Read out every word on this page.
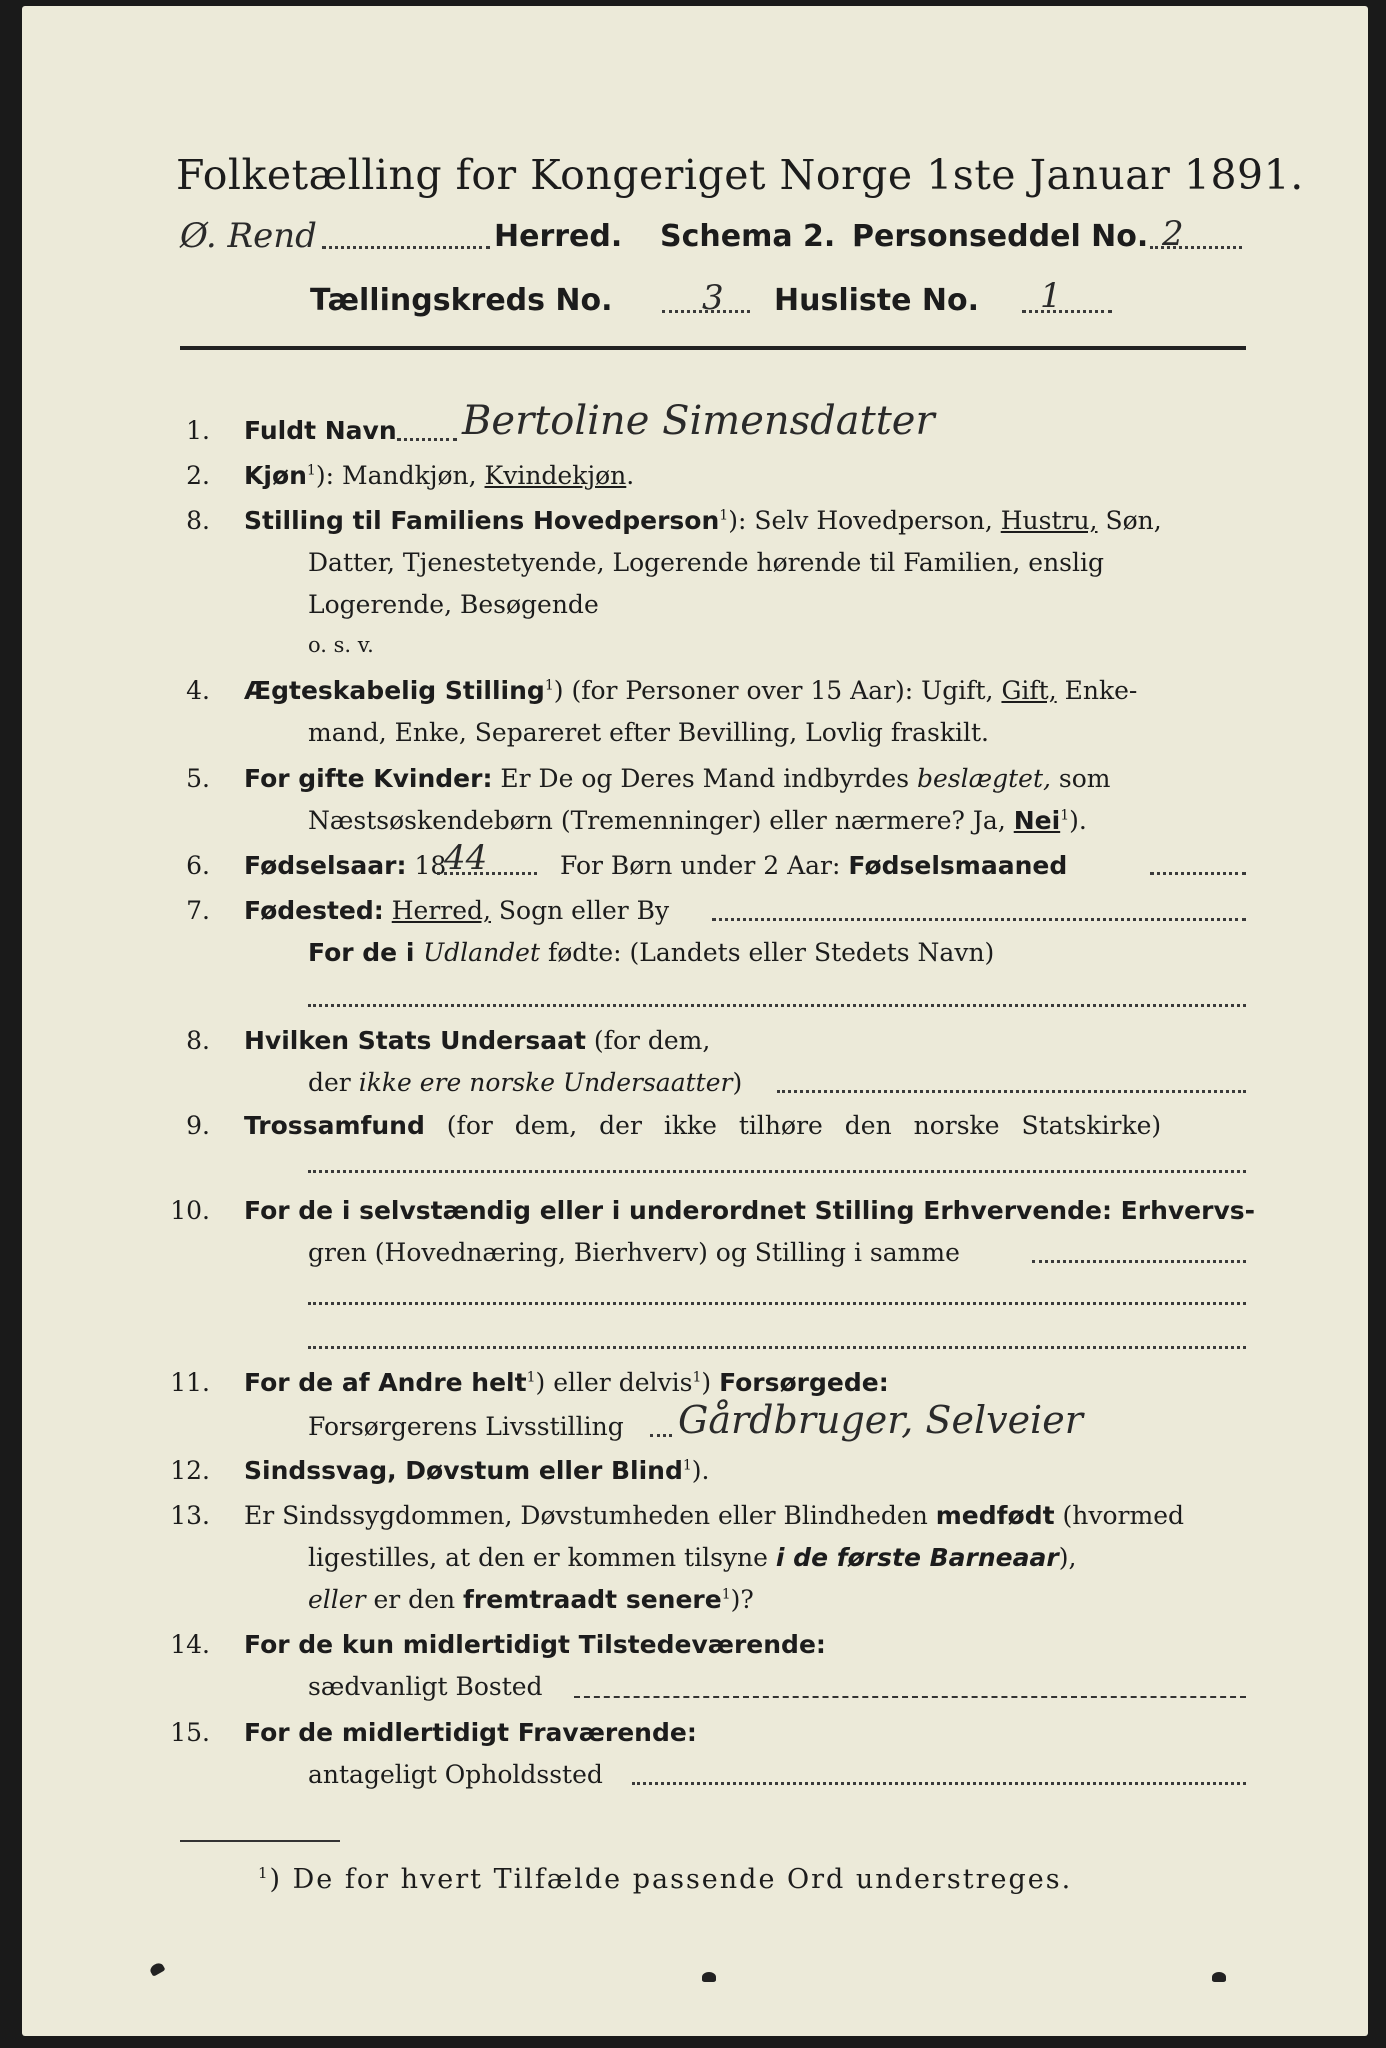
Folketælling for Kongeriget Norge 1ste Januar 1891.
Ø. Rend	Herred. Schema 2. Personseddel No. 2
Tællingskreds No.	3 Husliste No. 1
1. Fuldt Navn Bertoline Simensdatter
2. Kjøn$^1$): Mandkjøn, Kvindekjøn.
8. Stilling til Familiens Hovedperson$^1$): Selv Hovedperson, Hustru, Søn,
Datter, Tjenestetyende, Logerende hørende til Familien, enslig
Logerende, Besøgende
o. s. v.
4. Ægteskabelig Stilling$^1$) (for Personer over 15 Aar): Ugift, Gift, Enke-
mand, Enke, Separeret efter Bevilling, Lovlig fraskilt.
5. For gifte Kvinder: Er De og Deres Mand indbyrdes beslægtet, som
Næstsøskendebørn (Tremenninger) eller nærmere? Ja, Nei$^1$).
6. Fødselsaar: 18
44	For Børn under 2 Aar: Fødselsmaaned
7. Fødested: Herred, Sogn eller By
For de i Udlandet fødte: (Landets eller Stedets Navn)
8. Hvilken Stats Undersaat (for dem,
der ikke ere norske Undersaatter)
9. Trossamfund (for dem, der ikke tilhøre den norske Statskirke)
10. For de i selvstændig eller i underordnet Stilling Erhvervende: Erhvervs-
gren (Hovednæring, Bierhverv) og Stilling i samme
11. For de af Andre helt$^1$) eller delvis$^1$) Forsørgede:
Forsørgerens Livsstilling Gårdbruger, Selveier
12. Sindssvag, Døvstum eller Blind$^1$).
13. Er Sindssygdommen, Døvstumheden eller Blindheden medfødt (hvormed
ligestilles, at den er kommen tilsyne i de første Barneaar),
eller er den fremtraadt senere$^1$)?
14. For de kun midlertidigt Tilstedeværende:
sædvanligt Bosted
15. For de midlertidigt Fraværende:
antageligt Opholdssted
$^1$) De for hvert Tilfælde passende Ord understreges.
